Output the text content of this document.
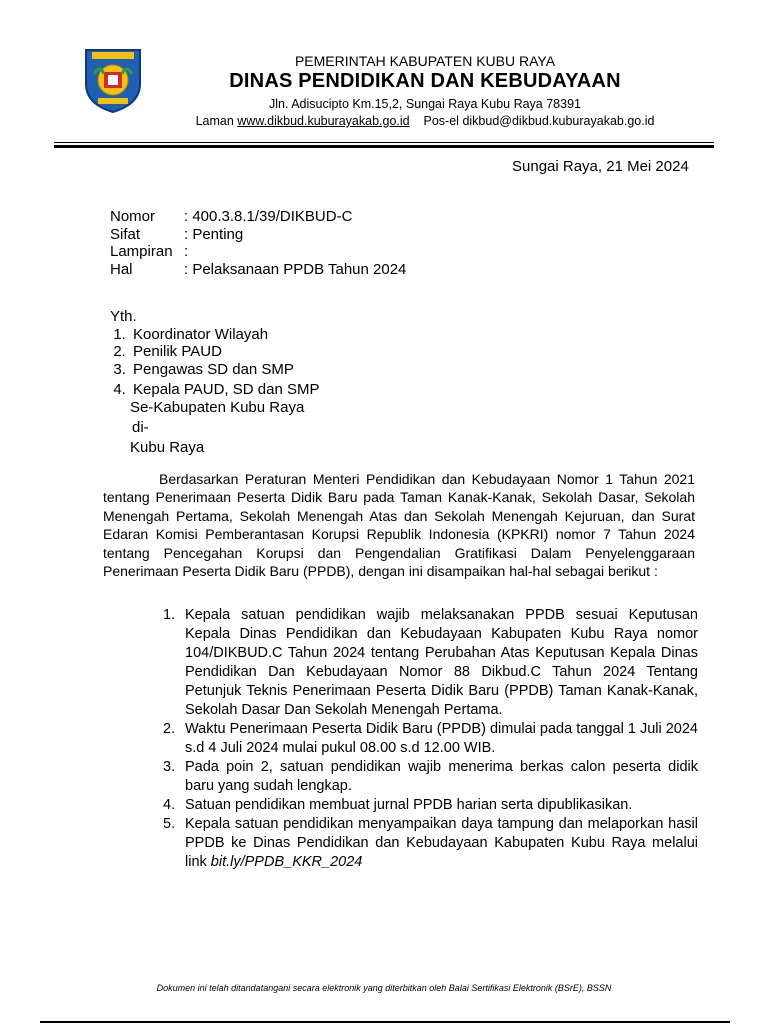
PEMERINTAH KABUPATEN KUBU RAYA
DINAS PENDIDIKAN DAN KEBUDAYAAN
Jln. Adisucipto Km.15,2, Sungai Raya Kubu Raya 78391
Laman www.dikbud.kuburayakab.go.id Pos-el dikbud@dikbud.kuburayakab.go.id
Sungai Raya, 21 Mei 2024
Nomor	: 400.3.8.1/39/DIKBUD-C
Sifat	: Penting
Lampiran :
Hal	: Pelaksanaan PPDB Tahun 2024
Yth.
1. Koordinator Wilayah
2. Penilik PAUD
3. Pengawas SD dan SMP
4. Kepala PAUD, SD dan SMP
Se-Kabupaten Kubu Raya
di-
Kubu Raya
Berdasarkan Peraturan Menteri Pendidikan dan Kebudayaan Nomor 1 Tahun 2021 tentang Penerimaan Peserta Didik Baru pada Taman Kanak-Kanak, Sekolah Dasar, Sekolah Menengah Pertama, Sekolah Menengah Atas dan Sekolah Menengah Kejuruan, dan Surat Edaran Komisi Pemberantasan Korupsi Republik Indonesia (KPKRI) nomor 7 Tahun 2024 tentang Pencegahan Korupsi dan Pengendalian Gratifikasi Dalam Penyelenggaraan Penerimaan Peserta Didik Baru (PPDB), dengan ini disampaikan hal-hal sebagai berikut :
1. Kepala satuan pendidikan wajib melaksanakan PPDB sesuai Keputusan Kepala Dinas Pendidikan dan Kebudayaan Kabupaten Kubu Raya nomor 104/DIKBUD.C Tahun 2024 tentang Perubahan Atas Keputusan Kepala Dinas Pendidikan Dan Kebudayaan Nomor 88 Dikbud.C Tahun 2024 Tentang Petunjuk Teknis Penerimaan Peserta Didik Baru (PPDB) Taman Kanak-Kanak, Sekolah Dasar Dan Sekolah Menengah Pertama.
2. Waktu Penerimaan Peserta Didik Baru (PPDB) dimulai pada tanggal 1 Juli 2024 s.d 4 Juli 2024 mulai pukul 08.00 s.d 12.00 WIB.
3. Pada poin 2, satuan pendidikan wajib menerima berkas calon peserta didik baru yang sudah lengkap.
4. Satuan pendidikan membuat jurnal PPDB harian serta dipublikasikan.
5. Kepala satuan pendidikan menyampaikan daya tampung dan melaporkan hasil PPDB ke Dinas Pendidikan dan Kebudayaan Kabupaten Kubu Raya melalui link bit.ly/PPDB_KKR_2024
Dokumen ini telah ditandatangani secara elektronik yang diterbitkan oleh Balai Sertifikasi Elektronik (BSrE), BSSN
